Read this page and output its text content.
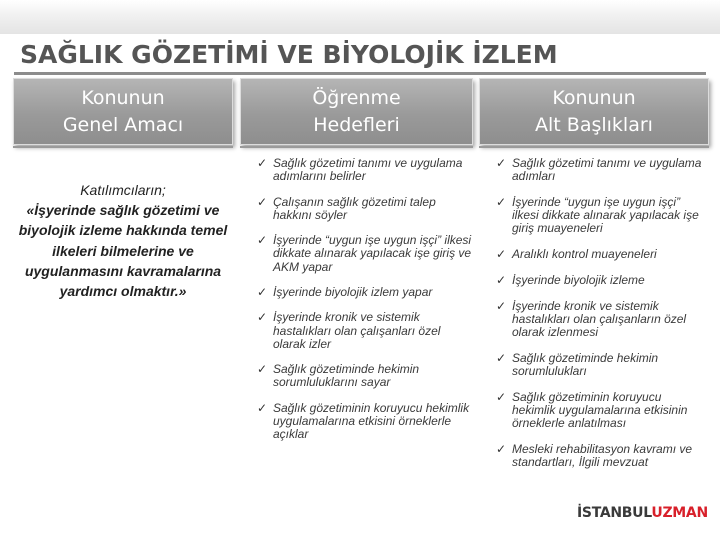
SAĞLIK GÖZETİMİ VE BİYOLOJİK İZLEM
Konunun
Genel Amacı
Öğrenme
Hedefleri
Konunun
Alt Başlıkları
Katılımcıların;
«İşyerinde sağlık gözetimi ve biyolojik izleme hakkında temel ilkeleri bilmelerine ve uygulanmasını kavramalarına yardımcı olmaktır.»
✓ Sağlık gözetimi tanımı ve uygulama adımlarını belirler
✓ Çalışanın sağlık gözetimi talep hakkını söyler
✓ İşyerinde “uygun işe uygun işçi” ilkesi dikkate alınarak yapılacak işe giriş ve AKM yapar
✓ İşyerinde biyolojik izlem yapar
✓ İşyerinde kronik ve sistemik hastalıkları olan çalışanları özel olarak izler
✓ Sağlık gözetiminde hekimin sorumluluklarını sayar
✓ Sağlık gözetiminin koruyucu hekimlik uygulamalarına etkisini örneklerle açıklar
✓ Sağlık gözetimi tanımı ve uygulama adımları
✓ İşyerinde “uygun işe uygun işçi” ilkesi dikkate alınarak yapılacak işe giriş muayeneleri
✓ Aralıklı kontrol muayeneleri
✓ İşyerinde biyolojik izleme
✓ İşyerinde kronik ve sistemik hastalıkları olan çalışanların özel olarak izlenmesi
✓ Sağlık gözetiminde hekimin sorumlulukları
✓ Sağlık gözetiminin koruyucu hekimlik uygulamalarına etkisinin örneklerle anlatılması
✓ Mesleki rehabilitasyon kavramı ve standartları, İlgili mevzuat
İSTANBULUZMAN
